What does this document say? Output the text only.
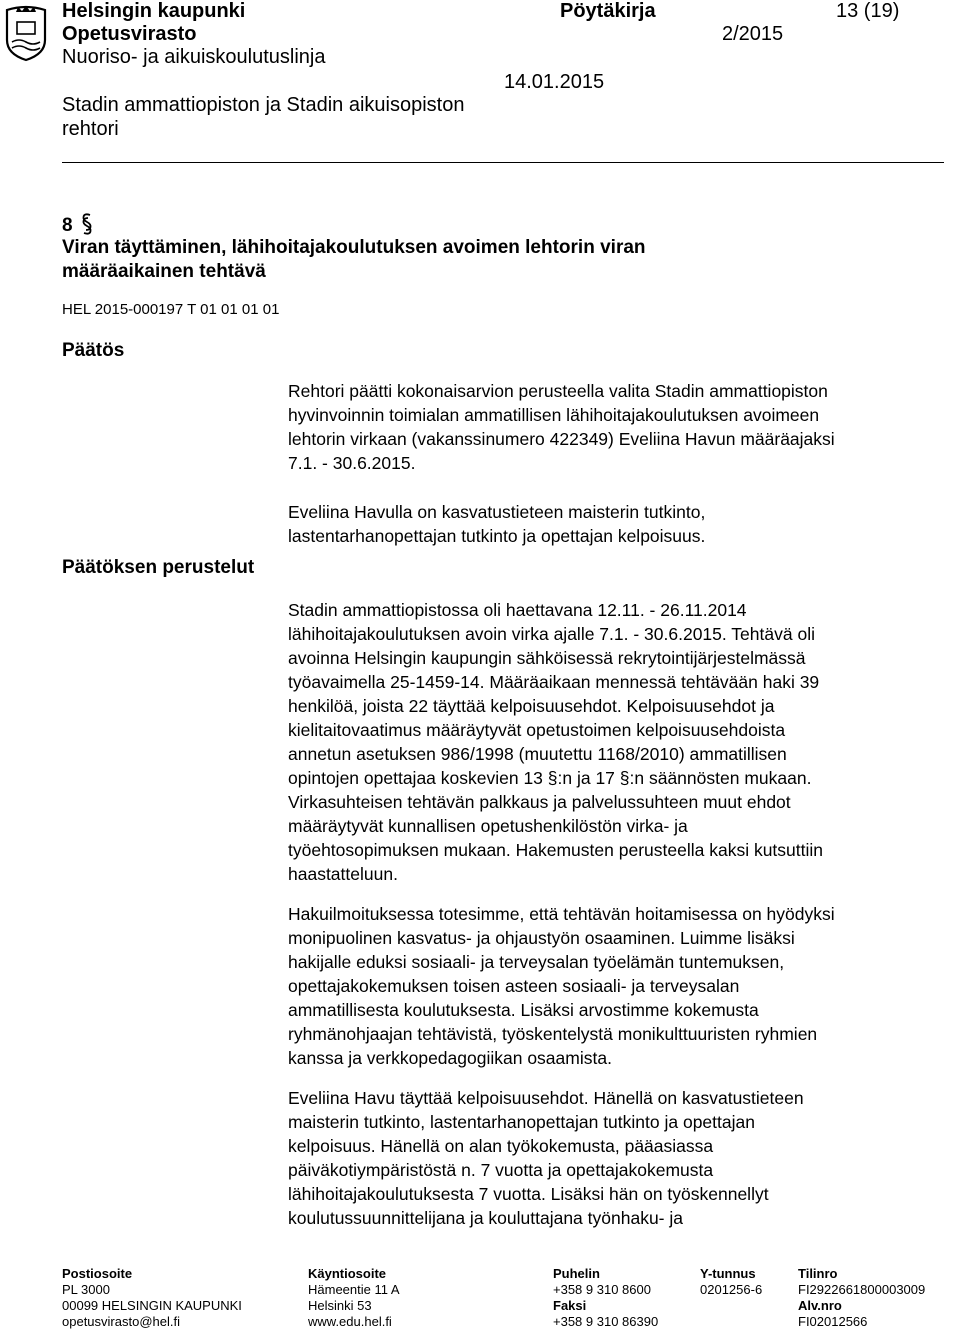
Helsingin kaupunki
Opetusvirasto
Nuoriso- ja aikuiskoulutuslinja
Stadin ammattiopiston ja Stadin aikuisopiston
rehtori
Pöytäkirja
2/2015
14.01.2015
13 (19)
8
Viran täyttäminen, lähihoitajakoulutuksen avoimen lehtorin viran
määräaikainen tehtävä
HEL 2015-000197 T 01 01 01 01
Päätös
Päätöksen perustelut
Rehtori päätti kokonaisarvion perusteella valita Stadin ammattiopiston
hyvinvoinnin toimialan ammatillisen lähihoitajakoulutuksen avoimeen
lehtorin virkaan (vakanssinumero 422349) Eveliina Havun määräajaksi
7.1. - 30.6.2015.
Eveliina Havulla on kasvatustieteen maisterin tutkinto,
lastentarhanopettajan tutkinto ja opettajan kelpoisuus.
Stadin ammattiopistossa oli haettavana 12.11. - 26.11.2014
lähihoitajakoulutuksen avoin virka ajalle 7.1. - 30.6.2015. Tehtävä oli
avoinna Helsingin kaupungin sähköisessä rekrytointijärjestelmässä
työavaimella 25-1459-14. Määräaikaan mennessä tehtävään haki 39
henkilöä, joista 22 täyttää kelpoisuusehdot. Kelpoisuusehdot ja
kielitaitovaatimus määräytyvät opetustoimen kelpoisuusehdoista
annetun asetuksen 986/1998 (muutettu 1168/2010) ammatillisen
opintojen opettajaa koskevien 13 §:n ja 17 §:n säännösten mukaan.
Virkasuhteisen tehtävän palkkaus ja palvelussuhteen muut ehdot
määräytyvät kunnallisen opetushenkilöstön virka- ja
työehtosopimuksen mukaan. Hakemusten perusteella kaksi kutsuttiin
haastatteluun.
Hakuilmoituksessa totesimme, että tehtävän hoitamisessa on hyödyksi
monipuolinen kasvatus- ja ohjaustyön osaaminen. Luimme lisäksi
hakijalle eduksi sosiaali- ja terveysalan työelämän tuntemuksen,
opettajakokemuksen toisen asteen sosiaali- ja terveysalan
ammatillisesta koulutuksesta. Lisäksi arvostimme kokemusta
ryhmänohjaajan tehtävistä, työskentelystä monikulttuuristen ryhmien
kanssa ja verkkopedagogiikan osaamista.
Eveliina Havu täyttää kelpoisuusehdot. Hänellä on kasvatustieteen
maisterin tutkinto, lastentarhanopettajan tutkinto ja opettajan
kelpoisuus. Hänellä on alan työkokemusta, pääasiassa
päiväkotiympäristöstä n. 7 vuotta ja opettajakokemusta
lähihoitajakoulutuksesta 7 vuotta. Lisäksi hän on työskennellyt
koulutussuunnittelijana ja kouluttajana työnhaku- ja
Postiosoite
PL 3000
00099 HELSINGIN KAUPUNKI
opetusvirasto@hel.fi
Käyntiosoite
Hämeentie 11 A
Helsinki 53
www.edu.hel.fi
Puhelin
+358 9 310 8600
Faksi
+358 9 310 86390
Y-tunnus
0201256-6
Tilinro
FI2922661800003009
Alv.nro
FI02012566
